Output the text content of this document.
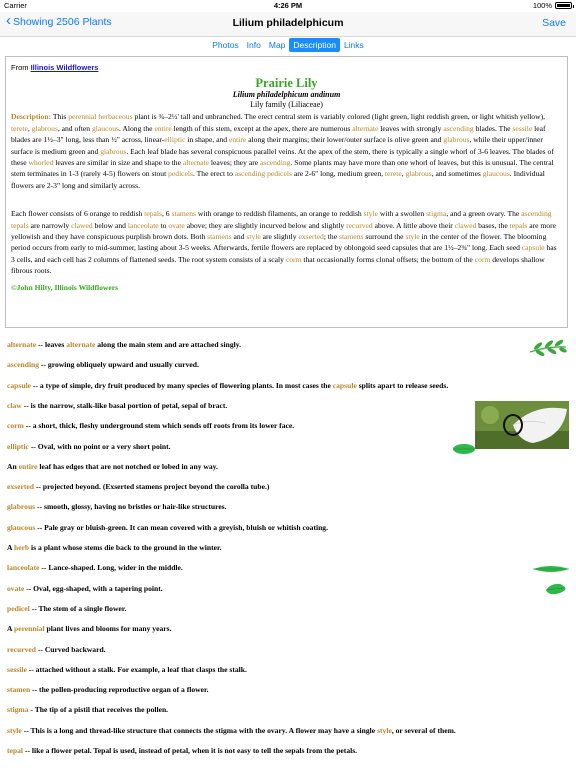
Carrier	4:26 PM	100%
‹ Showing 2506 Plants	Lilium philadelphicum	Save
Photos Info Map Description Links
From Illinois Wildflowers
Prairie Lily
Lilium philadelphicum andinum
Lily family (Liliaceae)
Description: This perennial herbaceous plant is ¾–2½' tall and unbranched. The erect central stem is variably colored (light green, light reddish green, or light whitish yellow), terete, glabrous, and often glaucous. Along the entire length of this stem, except at the apex, there are numerous alternate leaves with strongly ascending blades. The sessile leaf blades are 1½–3" long, less than ½" across, linear-elliptic in shape, and entire along their margins; their lower/outer surface is olive green and glabrous, while their upper/inner surface is medium green and glabrous. Each leaf blade has several conspicuous parallel veins. At the apex of the stem, there is typically a single whorl of 3-6 leaves. The blades of these whorled leaves are similar in size and shape to the alternate leaves; they are ascending. Some plants may have more than one whorl of leaves, but this is unusual. The central stem terminates in 1-3 (rarely 4-5) flowers on stout pedicels. The erect to ascending pedicels are 2-6" long, medium green, terete, glabrous, and sometimes glaucous. Individual flowers are 2-3" long and similarly across.
Each flower consists of 6 orange to reddish tepals, 6 stamens with orange to reddish filaments, an orange to reddish style with a swollen stigma, and a green ovary. The ascending tepals are narrowly clawed below and lanceolate to ovate above; they are slightly incurved below and slightly recurved above. A little above their clawed bases, the tepals are more yellowish and they have conspicuous purplish brown dots. Both stamens and style are slightly exserted; the stamens surround the style in the center of the flower. The blooming period occurs from early to mid-summer, lasting about 3-5 weeks. Afterwards, fertile flowers are replaced by oblongoid seed capsules that are 1½–2¾" long. Each seed capsule has 3 cells, and each cell has 2 columns of flattened seeds. The root system consists of a scaly corm that occasionally forms clonal offsets; the bottom of the corm develops shallow fibrous roots.
©John Hilty, Illinois Wildflowers
alternate -- leaves alternate along the main stem and are attached singly.
ascending -- growing obliquely upward and usually curved.
capsule -- a type of simple, dry fruit produced by many species of flowering plants. In most cases the capsule splits apart to release seeds.
claw -- is the narrow, stalk-like basal portion of petal, sepal of bract.
corm -- a short, thick, fleshy underground stem which sends off roots from its lower face.
elliptic -- Oval, with no point or a very short point.
An entire leaf has edges that are not notched or lobed in any way.
exserted -- projected beyond. (Exserted stamens project beyond the corolla tube.)
glabrous -- smooth, glossy, having no bristles or hair-like structures.
glaucous -- Pale gray or bluish-green. It can mean covered with a greyish, bluish or whitish coating.
A herb is a plant whose stems die back to the ground in the winter.
lanceolate -- Lance-shaped. Long, wider in the middle.
ovate -- Oval, egg-shaped, with a tapering point.
pedicel -- The stem of a single flower.
A perennial plant lives and blooms for many years.
recurved -- Curved backward.
sessile -- attached without a stalk. For example, a leaf that clasps the stalk.
stamen -- the pollen-producing reproductive organ of a flower.
stigma - The tip of a pistil that receives the pollen.
style -- This is a long and thread-like structure that connects the stigma with the ovary. A flower may have a single style, or several of them.
tepal -- like a flower petal. Tepal is used, instead of petal, when it is not easy to tell the sepals from the petals.
